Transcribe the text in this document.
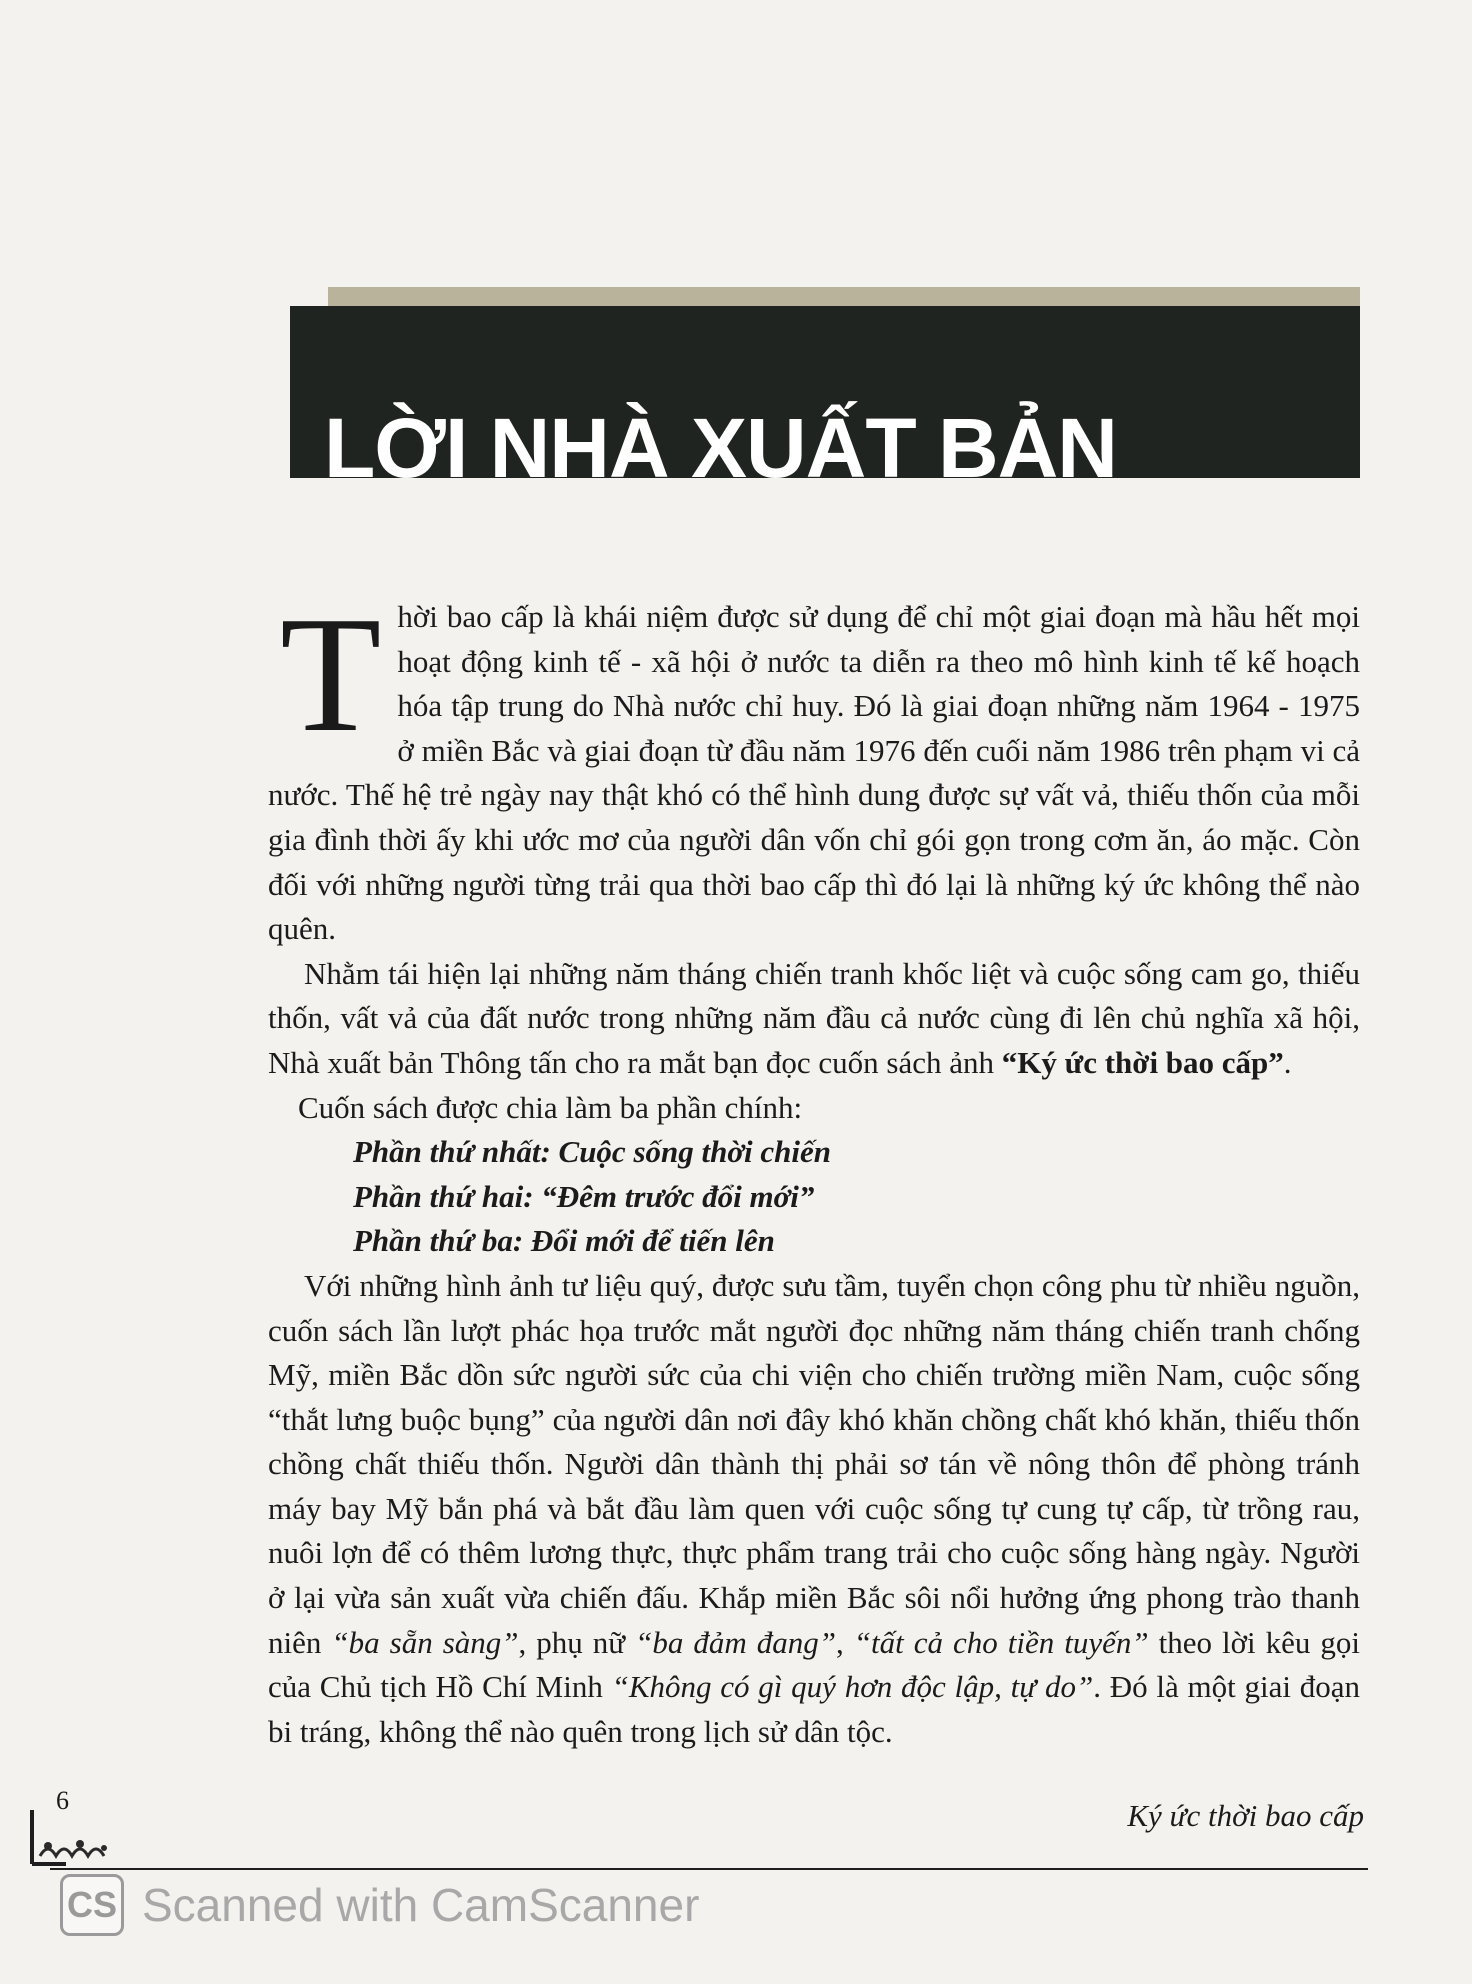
LỜI NHÀ XUẤT BẢN

Thời bao cấp là khái niệm được sử dụng để chỉ một giai đoạn mà hầu hết mọi hoạt động kinh tế - xã hội ở nước ta diễn ra theo mô hình kinh tế kế hoạch hóa tập trung do Nhà nước chỉ huy. Đó là giai đoạn những năm 1964 - 1975 ở miền Bắc và giai đoạn từ đầu năm 1976 đến cuối năm 1986 trên phạm vi cả nước. Thế hệ trẻ ngày nay thật khó có thể hình dung được sự vất vả, thiếu thốn của mỗi gia đình thời ấy khi ước mơ của người dân vốn chỉ gói gọn trong cơm ăn, áo mặc. Còn đối với những người từng trải qua thời bao cấp thì đó lại là những ký ức không thể nào quên.

Nhằm tái hiện lại những năm tháng chiến tranh khốc liệt và cuộc sống cam go, thiếu thốn, vất vả của đất nước trong những năm đầu cả nước cùng đi lên chủ nghĩa xã hội, Nhà xuất bản Thông tấn cho ra mắt bạn đọc cuốn sách ảnh “Ký ức thời bao cấp”.

Cuốn sách được chia làm ba phần chính:

Phần thứ nhất: Cuộc sống thời chiến

Phần thứ hai: “Đêm trước đổi mới”

Phần thứ ba: Đổi mới để tiến lên

Với những hình ảnh tư liệu quý, được sưu tầm, tuyển chọn công phu từ nhiều nguồn, cuốn sách lần lượt phác họa trước mắt người đọc những năm tháng chiến tranh chống Mỹ, miền Bắc dồn sức người sức của chi viện cho chiến trường miền Nam, cuộc sống “thắt lưng buộc bụng” của người dân nơi đây khó khăn chồng chất khó khăn, thiếu thốn chồng chất thiếu thốn. Người dân thành thị phải sơ tán về nông thôn để phòng tránh máy bay Mỹ bắn phá và bắt đầu làm quen với cuộc sống tự cung tự cấp, từ trồng rau, nuôi lợn để có thêm lương thực, thực phẩm trang trải cho cuộc sống hàng ngày. Người ở lại vừa sản xuất vừa chiến đấu. Khắp miền Bắc sôi nổi hưởng ứng phong trào thanh niên “ba sẵn sàng”, phụ nữ “ba đảm đang”, “tất cả cho tiền tuyến” theo lời kêu gọi của Chủ tịch Hồ Chí Minh “Không có gì quý hơn độc lập, tự do”. Đó là một giai đoạn bi tráng, không thể nào quên trong lịch sử dân tộc.

6	Ký ức thời bao cấp
CS Scanned with CamScanner
